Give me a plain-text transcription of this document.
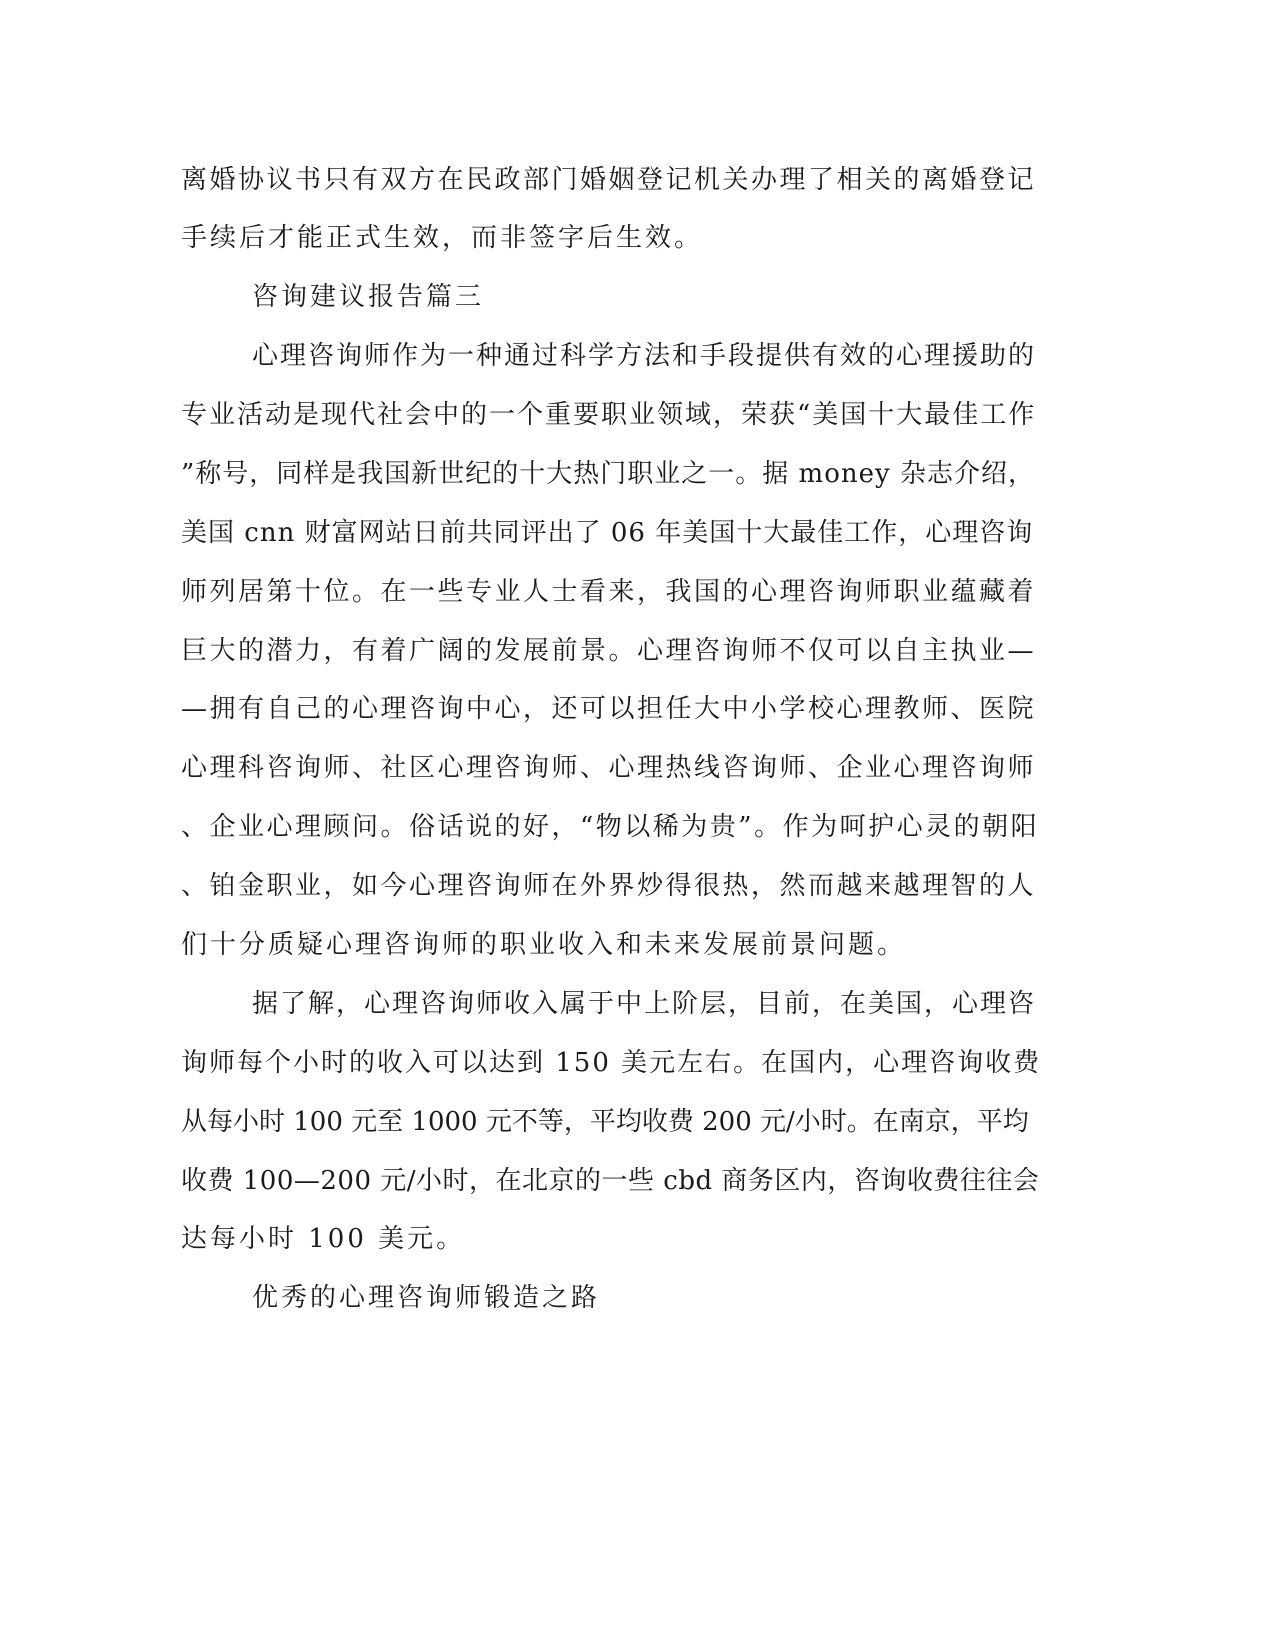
离婚协议书只有双方在民政部门婚姻登记机关办理了相关的离婚登记
手续后才能正式生效，而非签字后生效。
咨询建议报告篇三
心理咨询师作为一种通过科学方法和手段提供有效的心理援助的
专业活动是现代社会中的一个重要职业领域，荣获“美国十大最佳工作
”称号，同样是我国新世纪的十大热门职业之一。据 money 杂志介绍，
美国 cnn 财富网站日前共同评出了 06 年美国十大最佳工作，心理咨询
师列居第十位。在一些专业人士看来，我国的心理咨询师职业蕴藏着
巨大的潜力，有着广阔的发展前景。心理咨询师不仅可以自主执业—
—拥有自己的心理咨询中心，还可以担任大中小学校心理教师、医院
心理科咨询师、社区心理咨询师、心理热线咨询师、企业心理咨询师
、企业心理顾问。俗话说的好，“物以稀为贵”。作为呵护心灵的朝阳
、铂金职业，如今心理咨询师在外界炒得很热，然而越来越理智的人
们十分质疑心理咨询师的职业收入和未来发展前景问题。
据了解，心理咨询师收入属于中上阶层，目前，在美国，心理咨
询师每个小时的收入可以达到 150 美元左右。在国内，心理咨询收费
从每小时 100 元至 1000 元不等，平均收费 200 元/小时。在南京，平均
收费 100—200 元/小时，在北京的一些 cbd 商务区内，咨询收费往往会
达每小时 100 美元。
优秀的心理咨询师锻造之路
